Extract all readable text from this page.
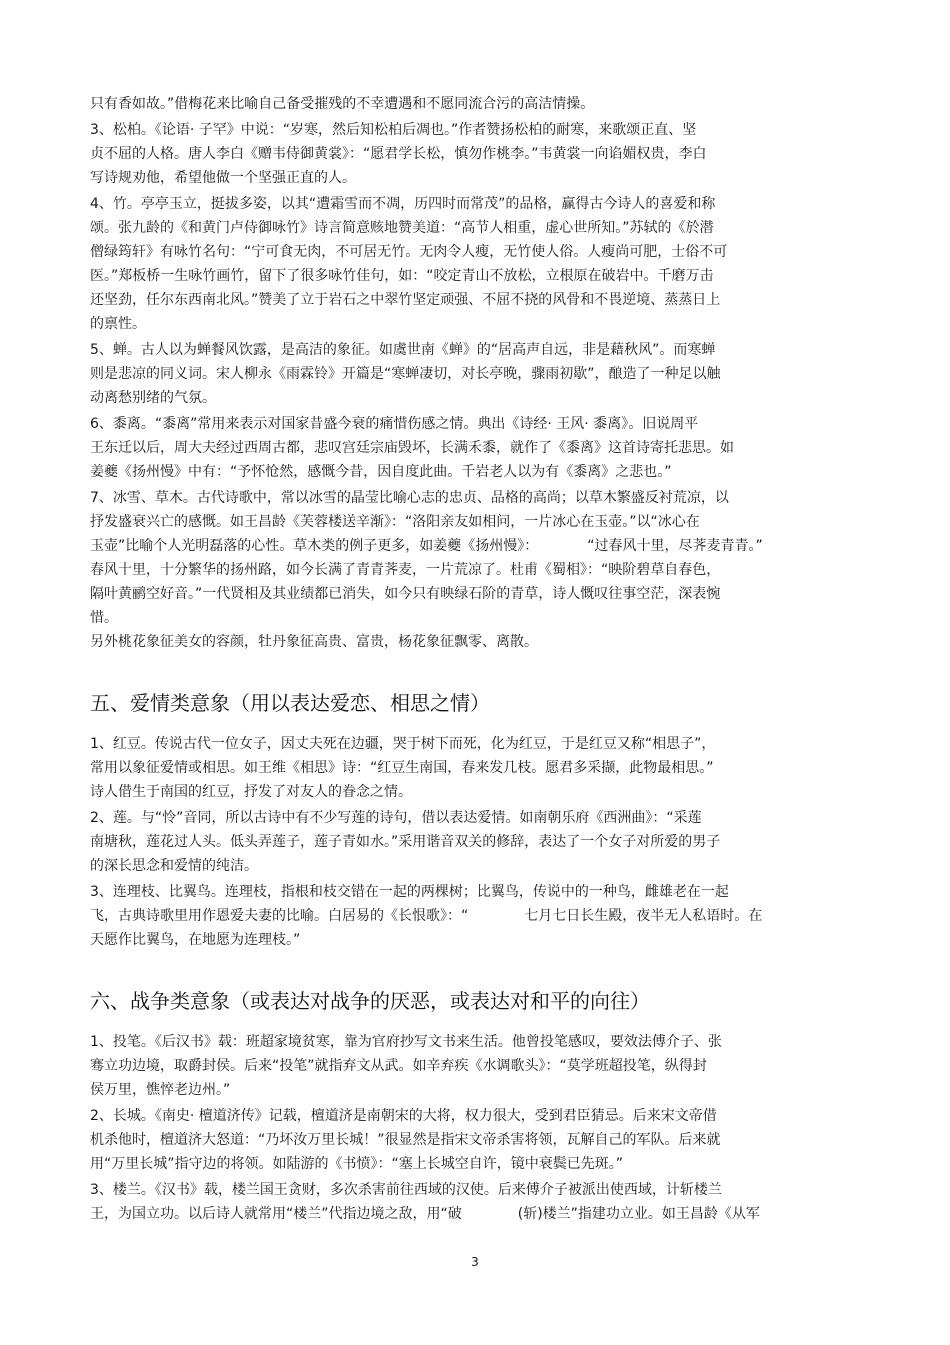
只有香如故。”借梅花来比喻自己备受摧残的不幸遭遇和不愿同流合污的高洁情操。
3、松柏。《论语· 子罕》中说：“岁寒，然后知松柏后凋也。”作者赞扬松柏的耐寒，来歌颂正直、坚
贞不屈的人格。唐人李白《赠韦侍御黄裳》：“愿君学长松，慎勿作桃李。”韦黄裳一向谄媚权贵，李白
写诗规劝他，希望他做一个坚强正直的人。
4、竹。亭亭玉立，挺拔多姿，以其“遭霜雪而不凋，历四时而常茂”的品格，赢得古今诗人的喜爱和称
颂。张九龄的《和黄门卢侍御咏竹》诗言简意赅地赞美道：“高节人相重，虚心世所知。”苏轼的《於潜
僧绿筠轩》有咏竹名句：“宁可食无肉，不可居无竹。无肉令人瘦，无竹使人俗。人瘦尚可肥，士俗不可
医。”郑板桥一生咏竹画竹，留下了很多咏竹佳句，如：“咬定青山不放松，立根原在破岩中。千磨万击
还坚劲，任尔东西南北风。”赞美了立于岩石之中翠竹坚定顽强、不屈不挠的风骨和不畏逆境、蒸蒸日上
的禀性。
5、蝉。古人以为蝉餐风饮露，是高洁的象征。如虞世南《蝉》的“居高声自远，非是藉秋风”。而寒蝉
则是悲凉的同义词。宋人柳永《雨霖铃》开篇是“寒蝉凄切，对长亭晚，骤雨初歇”，酿造了一种足以触
动离愁别绪的气氛。
6、黍离。“黍离”常用来表示对国家昔盛今衰的痛惜伤感之情。典出《诗经· 王风· 黍离》。旧说周平
王东迁以后，周大夫经过西周古都，悲叹宫廷宗庙毁坏，长满禾黍，就作了《黍离》这首诗寄托悲思。如
姜夔《扬州慢》中有：“予怀怆然，感慨今昔，因自度此曲。千岩老人以为有《黍离》之悲也。”
7、冰雪、草木。古代诗歌中，常以冰雪的晶莹比喻心志的忠贞、品格的高尚；以草木繁盛反衬荒凉，以
抒发盛衰兴亡的感慨。如王昌龄《芙蓉楼送辛渐》：“洛阳亲友如相问，一片冰心在玉壶。”以“冰心在
玉壶”比喻个人光明磊落的心性。草木类的例子更多，如姜夔《扬州慢》：　　　　“过春风十里，尽荠麦青青。”
春风十里，十分繁华的扬州路，如今长满了青青荠麦，一片荒凉了。杜甫《蜀相》：“映阶碧草自春色，
隔叶黄鹂空好音。”一代贤相及其业绩都已消失，如今只有映绿石阶的青草，诗人慨叹往事空茫，深表惋
惜。
另外桃花象征美女的容颜，牡丹象征高贵、富贵，杨花象征飘零、离散。
五、爱情类意象（用以表达爱恋、相思之情）
1、红豆。传说古代一位女子，因丈夫死在边疆，哭于树下而死，化为红豆，于是红豆又称“相思子”，
常用以象征爱情或相思。如王维《相思》诗：“红豆生南国，春来发几枝。愿君多采撷，此物最相思。”
诗人借生于南国的红豆，抒发了对友人的眷念之情。
2、莲。与“怜”音同，所以古诗中有不少写莲的诗句，借以表达爱情。如南朝乐府《西洲曲》：“采莲
南塘秋，莲花过人头。低头弄莲子，莲子青如水。”采用谐音双关的修辞，表达了一个女子对所爱的男子
的深长思念和爱情的纯洁。
3、连理枝、比翼鸟。连理枝，指根和枝交错在一起的两棵树；比翼鸟，传说中的一种鸟，雌雄老在一起
飞，古典诗歌里用作恩爱夫妻的比喻。白居易的《长恨歌》：“　　　　七月七日长生殿，夜半无人私语时。在
天愿作比翼鸟，在地愿为连理枝。”
六、战争类意象（或表达对战争的厌恶，或表达对和平的向往）
1、投笔。《后汉书》载：班超家境贫寒，靠为官府抄写文书来生活。他曾投笔感叹，要效法傅介子、张
骞立功边境，取爵封侯。后来“投笔”就指弃文从武。如辛弃疾《水调歌头》：“莫学班超投笔，纵得封
侯万里，憔悴老边州。”
2、长城。《南史· 檀道济传》记载，檀道济是南朝宋的大将，权力很大，受到君臣猜忌。后来宋文帝借
机杀他时，檀道济大怒道：“乃坏汝万里长城！”很显然是指宋文帝杀害将领，瓦解自己的军队。后来就
用“万里长城”指守边的将领。如陆游的《书愤》：“塞上长城空自许，镜中衰鬓已先斑。”
3、楼兰。《汉书》载，楼兰国王贪财，多次杀害前往西域的汉使。后来傅介子被派出使西域，计斩楼兰
王，为国立功。以后诗人就常用“楼兰”代指边境之敌，用“破　　　　(斩)楼兰”指建功立业。如王昌龄《从军
3
